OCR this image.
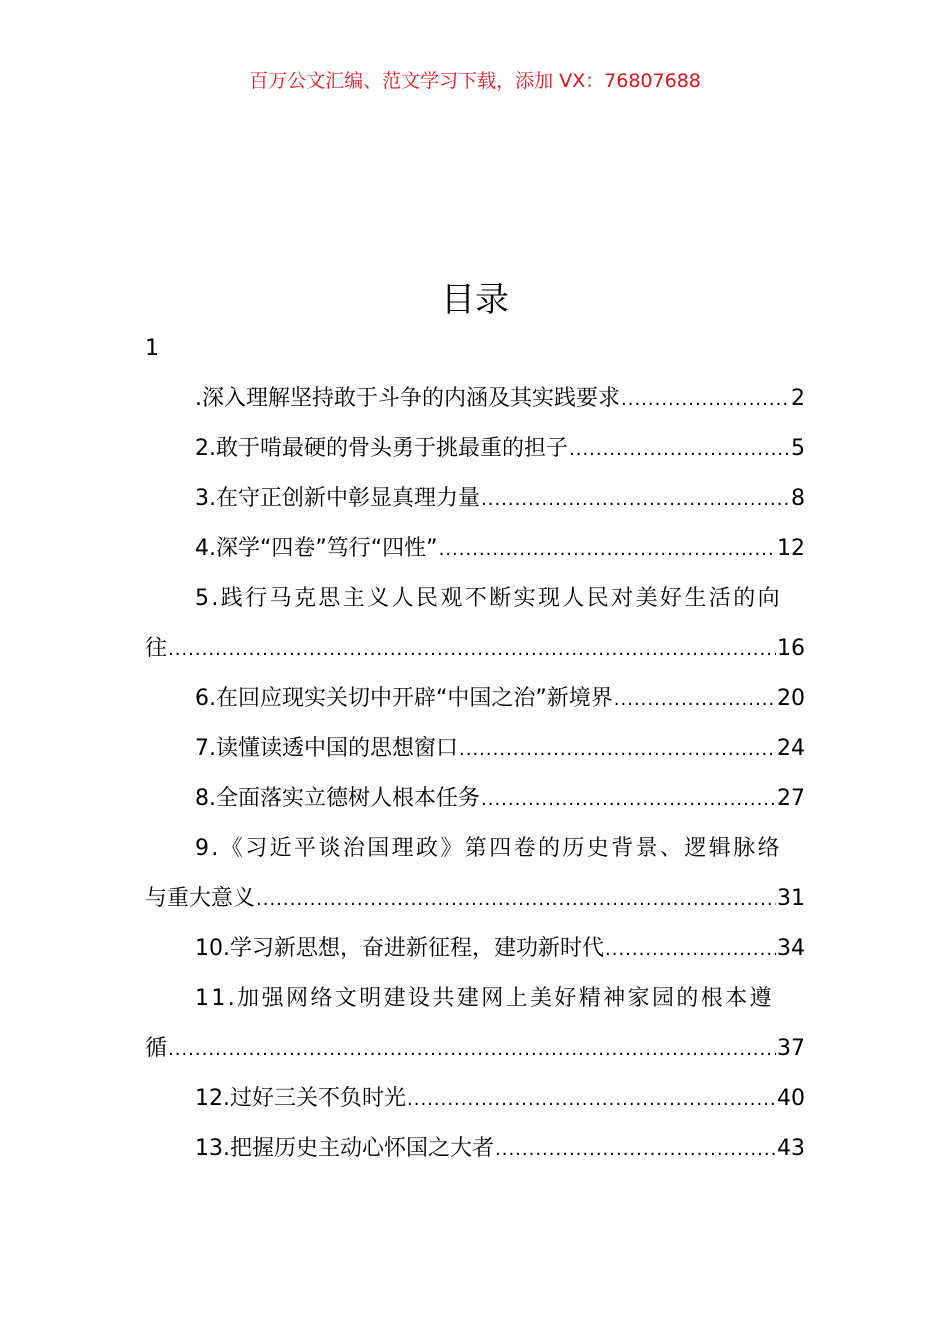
百万公文汇编、范文学习下载，添加 VX：76807688
目录
1
.深入理解坚持敢于斗争的内涵及其实践要求 .....	2
2.敢于啃最硬的骨头勇于挑最重的担子 .....	5
3.在守正创新中彰显真理力量 .....	8
4.深学“四卷”笃行“四性” .....	12
5.践行马克思主义人民观不断实现人民对美好生活的向
往 .....	16
6.在回应现实关切中开辟“中国之治”新境界 .....	20
7.读懂读透中国的思想窗口 .....	24
8.全面落实立德树人根本任务 .....	27
9.《习近平谈治国理政》第四卷的历史背景、逻辑脉络
与重大意义 .....	31
10.学习新思想，奋进新征程，建功新时代 .....	34
11.加强网络文明建设共建网上美好精神家园的根本遵
循 .....	37
12.过好三关不负时光 .....	40
13.把握历史主动心怀国之大者 .....	43
